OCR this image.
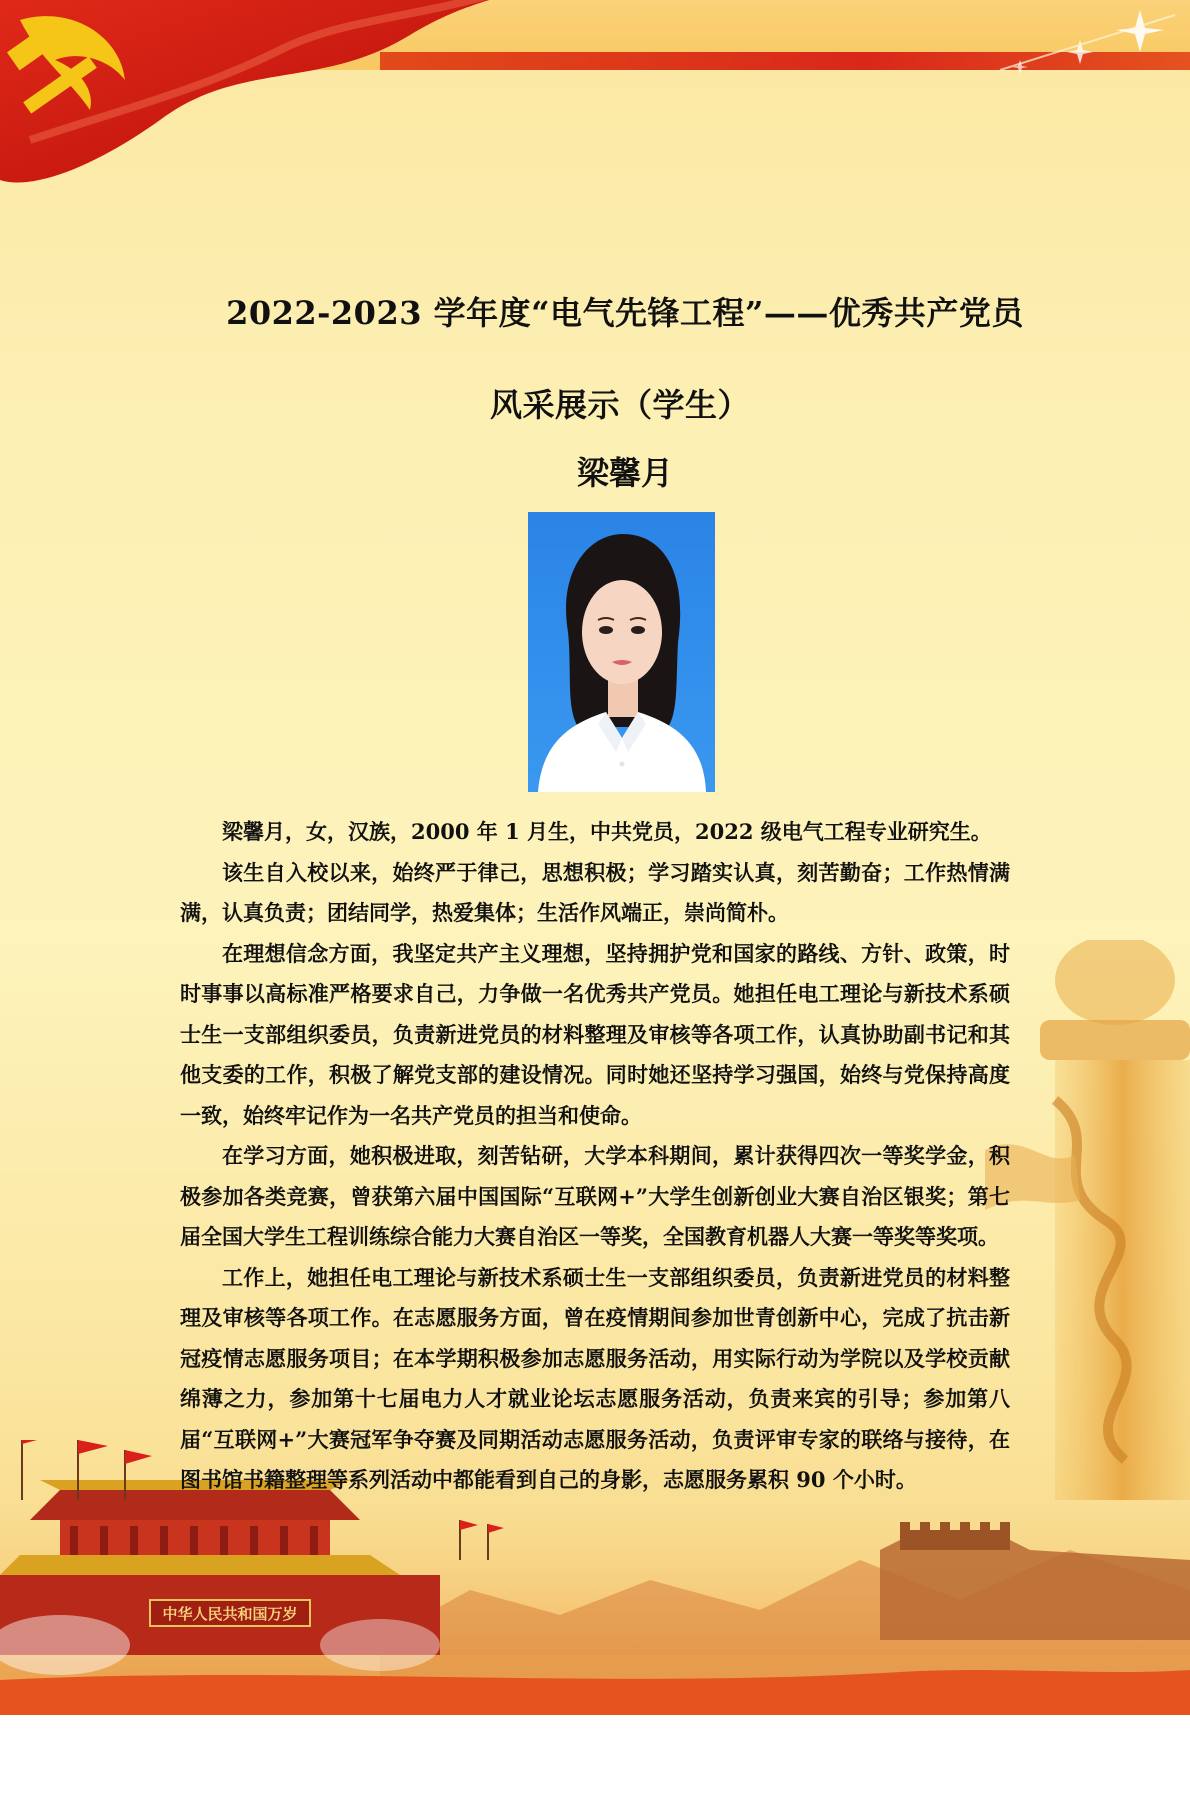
中华人民共和国万岁
2022-2023 学年度“电气先锋工程”——优秀共产党员
风采展示（学生）
梁馨月

梁馨月，女，汉族，2000 年 1 月生，中共党员，2022 级电气工程专业研究生。

该生自入校以来，始终严于律己，思想积极；学习踏实认真，刻苦勤奋；工作热情满满，认真负责；团结同学，热爱集体；生活作风端正，崇尚简朴。

在理想信念方面，我坚定共产主义理想，坚持拥护党和国家的路线、方针、政策，时时事事以高标准严格要求自己，力争做一名优秀共产党员。她担任电工理论与新技术系硕士生一支部组织委员，负责新进党员的材料整理及审核等各项工作，认真协助副书记和其他支委的工作，积极了解党支部的建设情况。同时她还坚持学习强国，始终与党保持高度一致，始终牢记作为一名共产党员的担当和使命。

在学习方面，她积极进取，刻苦钻研，大学本科期间，累计获得四次一等奖学金，积极参加各类竞赛，曾获第六届中国国际“互联网+”大学生创新创业大赛自治区银奖；第七届全国大学生工程训练综合能力大赛自治区一等奖，全国教育机器人大赛一等奖等奖项。

工作上，她担任电工理论与新技术系硕士生一支部组织委员，负责新进党员的材料整理及审核等各项工作。在志愿服务方面，曾在疫情期间参加世青创新中心，完成了抗击新冠疫情志愿服务项目；在本学期积极参加志愿服务活动，用实际行动为学院以及学校贡献绵薄之力，参加第十七届电力人才就业论坛志愿服务活动，负责来宾的引导；参加第八届“互联网+”大赛冠军争夺赛及同期活动志愿服务活动，负责评审专家的联络与接待，在图书馆书籍整理等系列活动中都能看到自己的身影，志愿服务累积 90 个小时。
